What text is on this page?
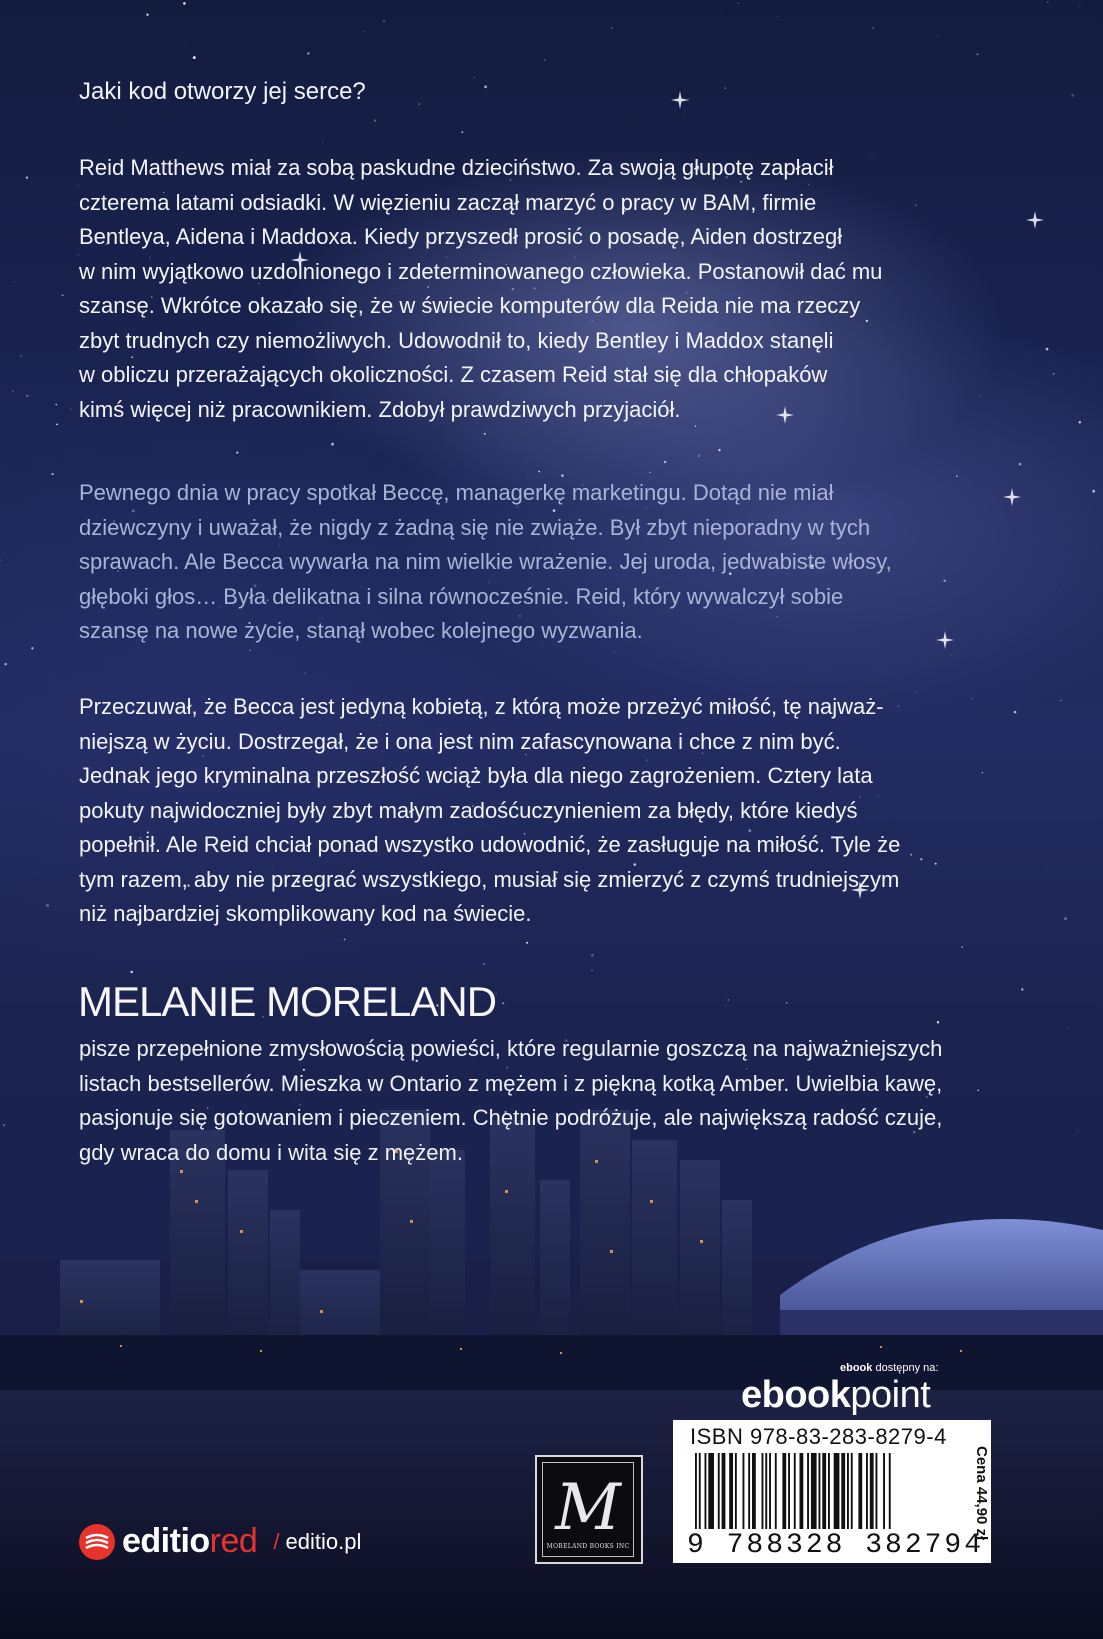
Jaki kod otworzy jej serce?
Reid Matthews miał za sobą paskudne dzieciństwo. Za swoją głupotę zapłacił
czterema latami odsiadki. W więzieniu zaczął marzyć o pracy w BAM, firmie
Bentleya, Aidena i Maddoxa. Kiedy przyszedł prosić o posadę, Aiden dostrzegł
w nim wyjątkowo uzdolnionego i zdeterminowanego człowieka. Postanowił dać mu
szansę. Wkrótce okazało się, że w świecie komputerów dla Reida nie ma rzeczy
zbyt trudnych czy niemożliwych. Udowodnił to, kiedy Bentley i Maddox stanęli
w obliczu przerażających okoliczności. Z czasem Reid stał się dla chłopaków
kimś więcej niż pracownikiem. Zdobył prawdziwych przyjaciół.
Pewnego dnia w pracy spotkał Beccę, managerkę marketingu. Dotąd nie miał
dziewczyny i uważał, że nigdy z żadną się nie zwiąże. Był zbyt nieporadny w tych
sprawach. Ale Becca wywarła na nim wielkie wrażenie. Jej uroda, jedwabiste włosy,
głęboki głos… Była delikatna i silna równocześnie. Reid, który wywalczył sobie
szansę na nowe życie, stanął wobec kolejnego wyzwania.
Przeczuwał, że Becca jest jedyną kobietą, z którą może przeżyć miłość, tę najważ-
niejszą w życiu. Dostrzegał, że i ona jest nim zafascynowana i chce z nim być.
Jednak jego kryminalna przeszłość wciąż była dla niego zagrożeniem. Cztery lata
pokuty najwidoczniej były zbyt małym zadośćuczynieniem za błędy, które kiedyś
popełnił. Ale Reid chciał ponad wszystko udowodnić, że zasługuje na miłość. Tyle że
tym razem, aby nie przegrać wszystkiego, musiał się zmierzyć z czymś trudniejszym
niż najbardziej skomplikowany kod na świecie.
MELANIE MORELAND
pisze przepełnione zmysłowością powieści, które regularnie goszczą na najważniejszych
listach bestsellerów. Mieszka w Ontario z mężem i z piękną kotką Amber. Uwielbia kawę,
pasjonuje się gotowaniem i pieczeniem. Chętnie podróżuje, ale największą radość czuje,
gdy wraca do domu i wita się z mężem.
ebook dostępny na:
ebookpoint
ISBN 978-83-283-8279-4
9 788328 382794
Cena 44,90 zł
M
MORELAND BOOKS INC
editiored / editio.pl
